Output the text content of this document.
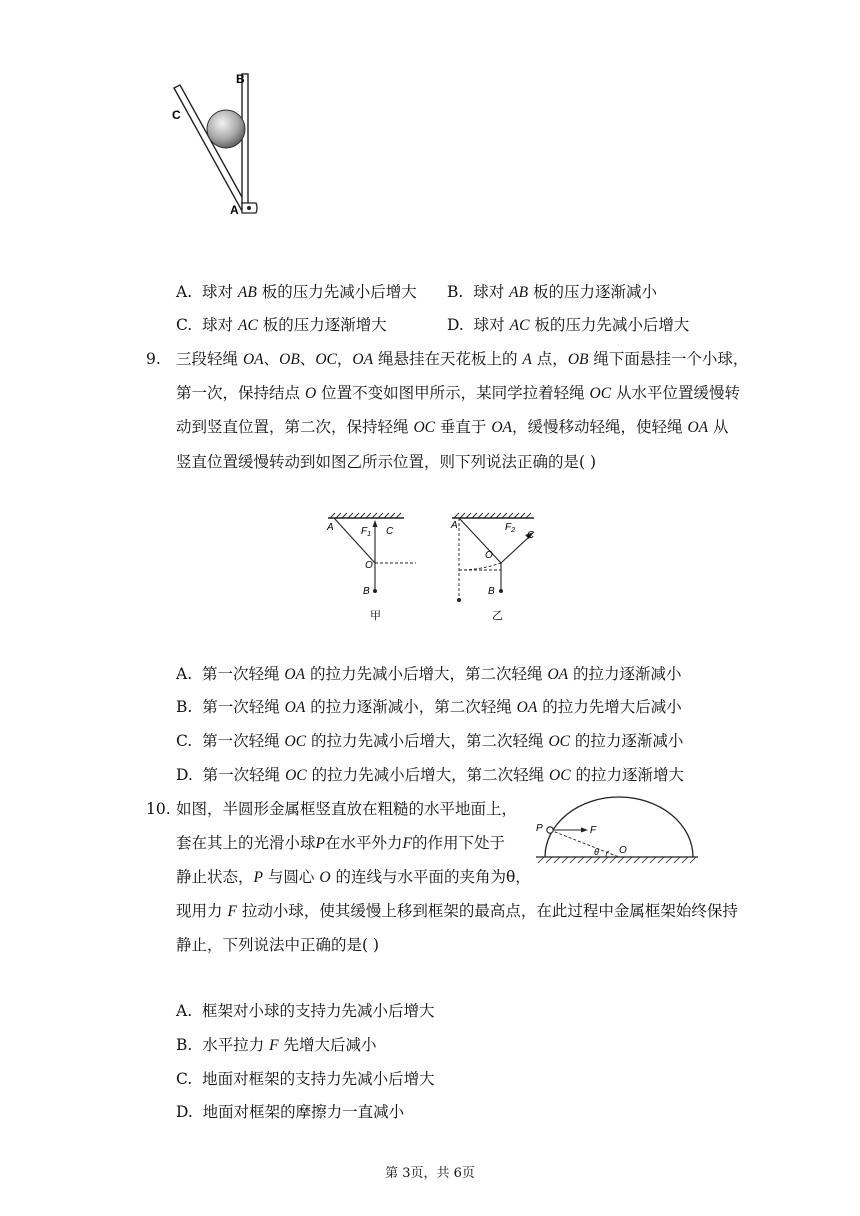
B
C
A
A. 球对 AB 板的压力先减小后增大 B. 球对 AB 板的压力逐渐减小
C. 球对 AC 板的压力逐渐增大	D. 球对 AC 板的压力先减小后增大
9. 三段轻绳 OA、OB、OC，OA 绳悬挂在天花板上的 A 点，OB 绳下面悬挂一个小球，
第一次，保持结点 O 位置不变如图甲所示，某同学拉着轻绳 OC 从水平位置缓慢转
动到竖直位置，第二次，保持轻绳 OC 垂直于 OA，缓慢移动轻绳，使轻绳 OA 从
竖直位置缓慢转动到如图乙所示位置，则下列说法正确的是( )
A	$F_1$ C
O
B
甲
A	$F_2$ C
O
B
乙
A. 第一次轻绳 OA 的拉力先减小后增大，第二次轻绳 OA 的拉力逐渐减小
B. 第一次轻绳 OA 的拉力逐渐减小，第二次轻绳 OA 的拉力先增大后减小
C. 第一次轻绳 OC 的拉力先减小后增大，第二次轻绳 OC 的拉力逐渐减小
D. 第一次轻绳 OC 的拉力先减小后增大，第二次轻绳 OC 的拉力逐渐增大
10. 如图，半圆形金属框竖直放在粗糙的水平地面上，
套在其上的光滑小球P在水平外力F的作用下处于
静止状态，P 与圆心 O 的连线与水平面的夹角为θ，
现用力 F 拉动小球，使其缓慢上移到框架的最高点，在此过程中金属框架始终保持
静止，下列说法中正确的是( )
P	F
θ O
A. 框架对小球的支持力先减小后增大
B. 水平拉力 F 先增大后减小
C. 地面对框架的支持力先减小后增大
D. 地面对框架的摩擦力一直减小
第 3页，共 6页
